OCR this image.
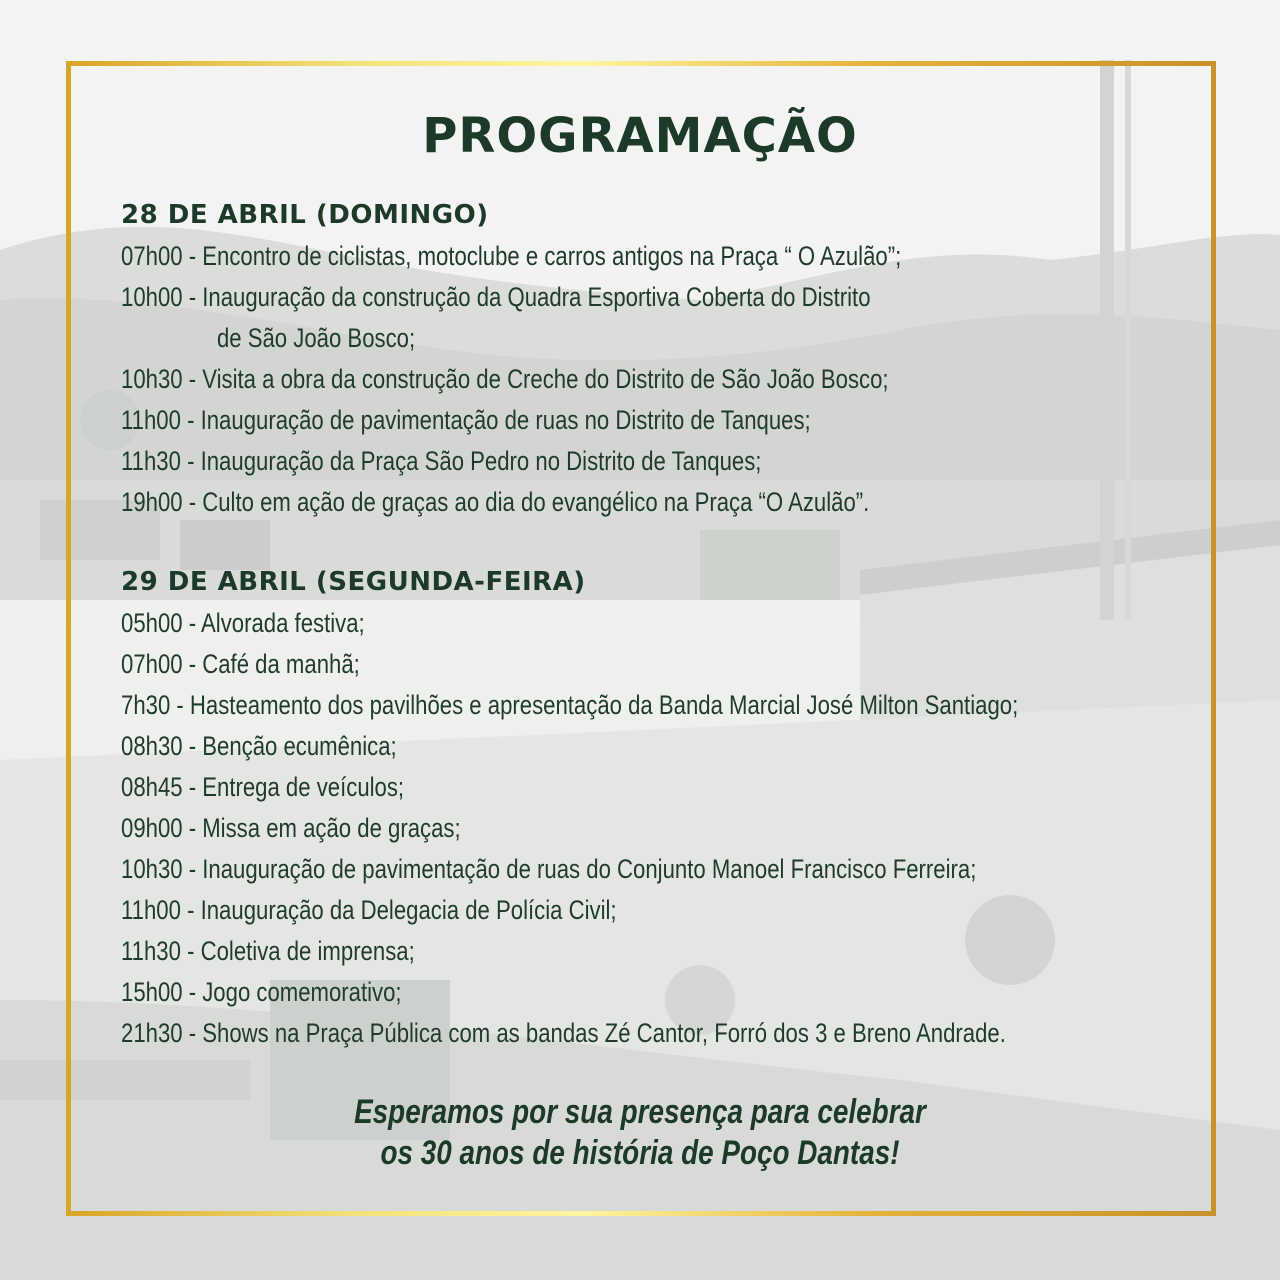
PROGRAMAÇÃO
28 DE ABRIL (DOMINGO)
07h00 - Encontro de ciclistas, motoclube e carros antigos na Praça “ O Azulão”;
10h00 - Inauguração da construção da Quadra Esportiva Coberta do Distrito
de São João Bosco;
10h30 - Visita a obra da construção de Creche do Distrito de São João Bosco;
11h00 - Inauguração de pavimentação de ruas no Distrito de Tanques;
11h30 - Inauguração da Praça São Pedro no Distrito de Tanques;
19h00 - Culto em ação de graças ao dia do evangélico na Praça “O Azulão”.
29 DE ABRIL (SEGUNDA-FEIRA)
05h00 - Alvorada festiva;
07h00 - Café da manhã;
7h30 - Hasteamento dos pavilhões e apresentação da Banda Marcial José Milton Santiago;
08h30 - Benção ecumênica;
08h45 - Entrega de veículos;
09h00 - Missa em ação de graças;
10h30 - Inauguração de pavimentação de ruas do Conjunto Manoel Francisco Ferreira;
11h00 - Inauguração da Delegacia de Polícia Civil;
11h30 - Coletiva de imprensa;
15h00 - Jogo comemorativo;
21h30 - Shows na Praça Pública com as bandas Zé Cantor, Forró dos 3 e Breno Andrade.
Esperamos por sua presença para celebrar
os 30 anos de história de Poço Dantas!
